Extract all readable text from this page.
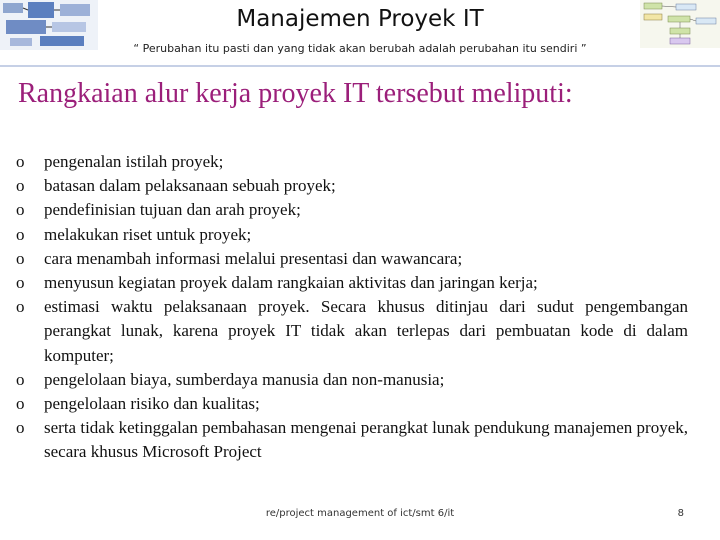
Manajemen Proyek IT
“ Perubahan itu pasti dan yang tidak akan berubah adalah perubahan itu sendiri ”
Rangkaian alur kerja proyek IT tersebut meliputi:
o	pengenalan istilah proyek;
o	batasan dalam pelaksanaan sebuah proyek;
o	pendefinisian tujuan dan arah proyek;
o	melakukan riset untuk proyek;
o	cara menambah informasi melalui presentasi dan wawancara;
o	menyusun kegiatan proyek dalam rangkaian aktivitas dan jaringan kerja;
o	estimasi waktu pelaksanaan proyek. Secara khusus ditinjau dari sudut pengembangan perangkat lunak, karena proyek IT tidak akan terlepas dari pembuatan kode di dalam komputer;
o	pengelolaan biaya, sumberdaya manusia dan non-manusia;
o	pengelolaan risiko dan kualitas;
o	serta tidak ketinggalan pembahasan mengenai perangkat lunak pendukung manajemen proyek, secara khusus Microsoft Project
re/project management of ict/smt 6/it	8
